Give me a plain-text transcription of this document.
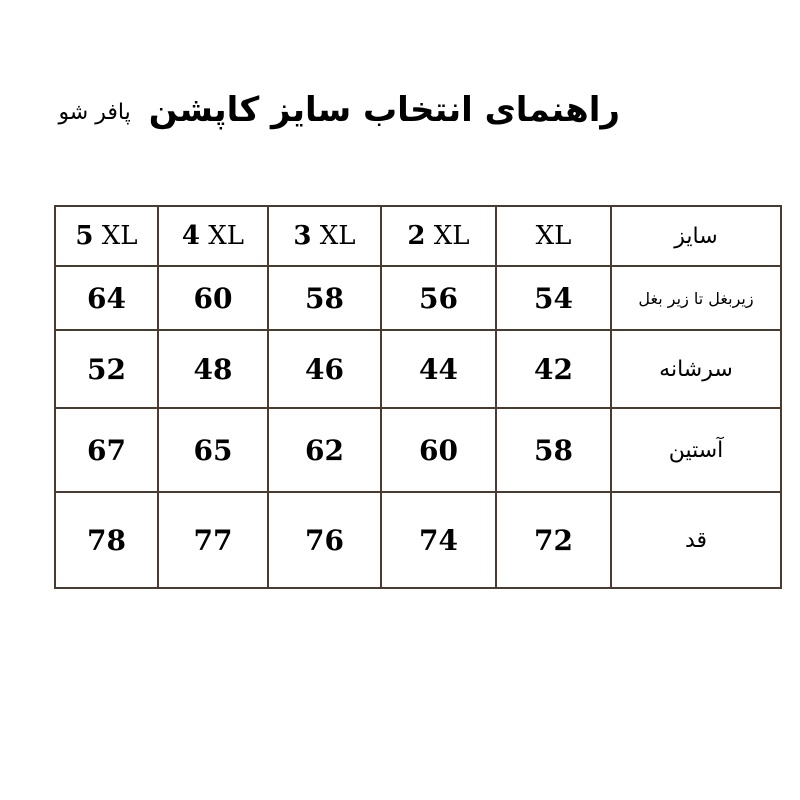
راهنمای انتخاب سایز کاپشن
پافر شو
5 XL	4 XL	3 XL	2 XL	XL	سایز
64	60	58	56	54	زیربغل تا زیر بغل
52	48	46	44	42	سرشانه
67	65	62	60	58	آستین
78	77	76	74	72	قد
